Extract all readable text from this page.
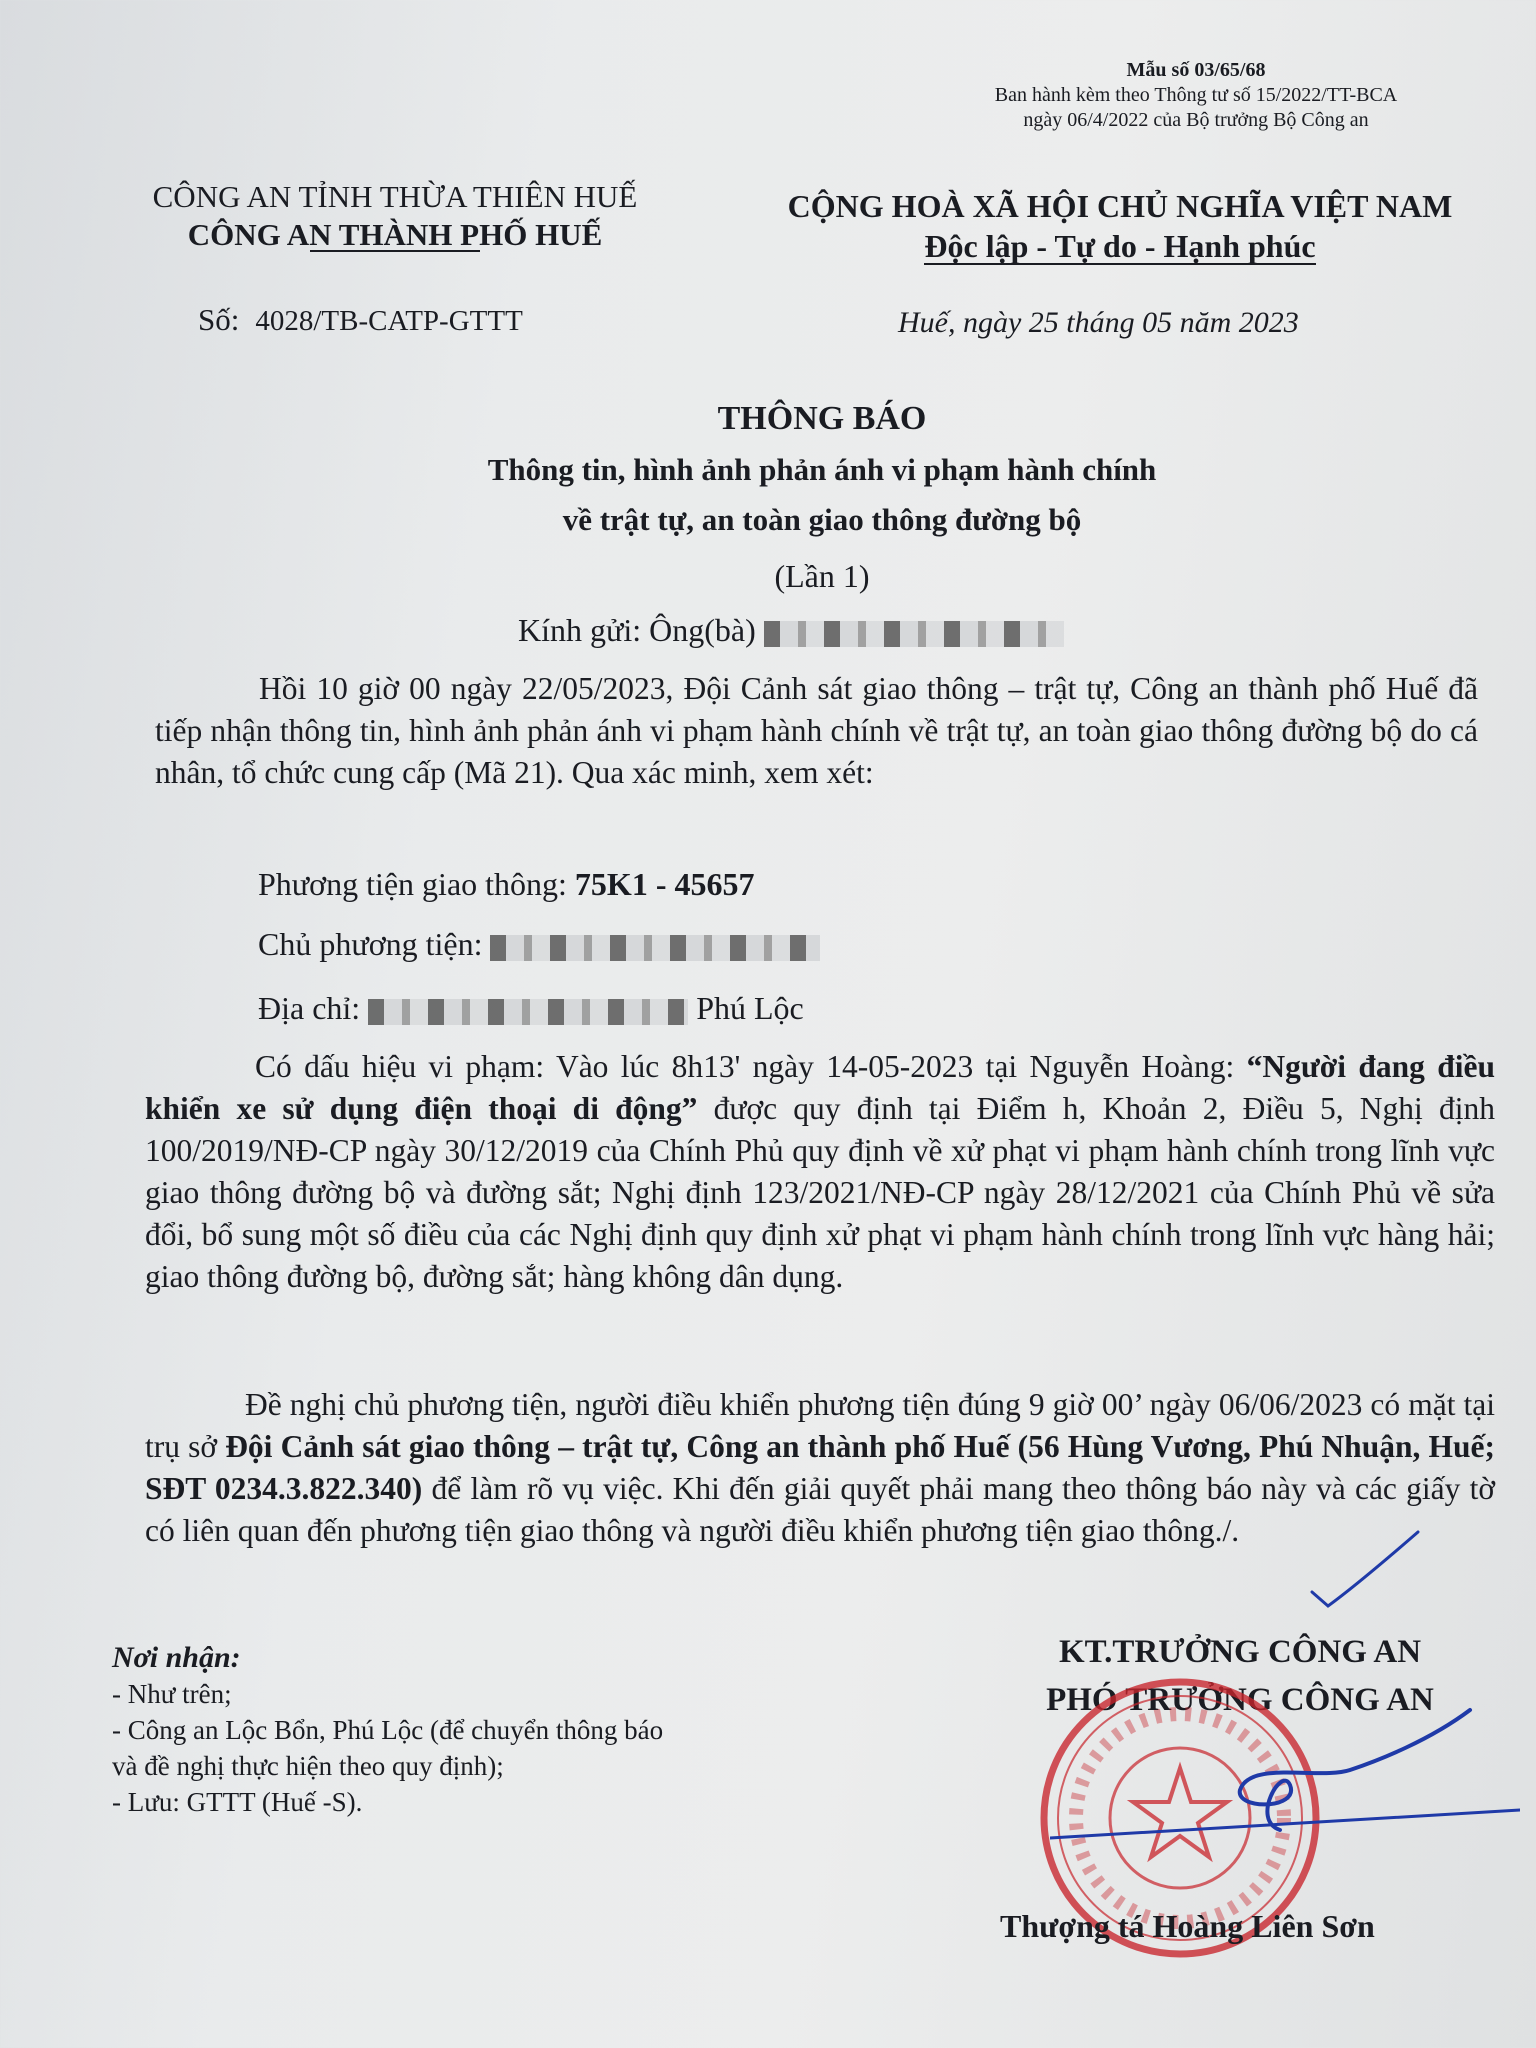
Mẫu số 03/65/68
Ban hành kèm theo Thông tư số 15/2022/TT-BCA
ngày 06/4/2022 của Bộ trưởng Bộ Công an
CÔNG AN TỈNH THỪA THIÊN HUẾ
CÔNG AN THÀNH PHỐ HUẾ
CỘNG HOÀ XÃ HỘI CHỦ NGHĨA VIỆT NAM
Độc lập - Tự do - Hạnh phúc
Số: 4028/TB-CATP-GTTT	Huế, ngày 25 tháng 05 năm 2023
THÔNG BÁO
Thông tin, hình ảnh phản ánh vi phạm hành chính
về trật tự, an toàn giao thông đường bộ
(Lần 1)
Kính gửi: Ông(bà)

Hồi 10 giờ 00 ngày 22/05/2023, Đội Cảnh sát giao thông – trật tự, Công an thành phố Huế đã tiếp nhận thông tin, hình ảnh phản ánh vi phạm hành chính về trật tự, an toàn giao thông đường bộ do cá nhân, tổ chức cung cấp (Mã 21). Qua xác minh, xem xét:

Phương tiện giao thông: 75K1 - 45657
Chủ phương tiện:
Địa chỉ:	Phú Lộc

Có dấu hiệu vi phạm: Vào lúc 8h13' ngày 14-05-2023 tại Nguyễn Hoàng: “Người đang điều khiển xe sử dụng điện thoại di động” được quy định tại Điểm h, Khoản 2, Điều 5, Nghị định 100/2019/NĐ-CP ngày 30/12/2019 của Chính Phủ quy định về xử phạt vi phạm hành chính trong lĩnh vực giao thông đường bộ và đường sắt; Nghị định 123/2021/NĐ-CP ngày 28/12/2021 của Chính Phủ về sửa đổi, bổ sung một số điều của các Nghị định quy định xử phạt vi phạm hành chính trong lĩnh vực hàng hải; giao thông đường bộ, đường sắt; hàng không dân dụng.

Đề nghị chủ phương tiện, người điều khiển phương tiện đúng 9 giờ 00’ ngày 06/06/2023 có mặt tại trụ sở Đội Cảnh sát giao thông – trật tự, Công an thành phố Huế (56 Hùng Vương, Phú Nhuận, Huế; SĐT 0234.3.822.340) để làm rõ vụ việc. Khi đến giải quyết phải mang theo thông báo này và các giấy tờ có liên quan đến phương tiện giao thông và người điều khiển phương tiện giao thông./.

Nơi nhận:
- Như trên;
- Công an Lộc Bổn, Phú Lộc (để chuyển thông báo
và đề nghị thực hiện theo quy định);
- Lưu: GTTT (Huế -S).
KT.TRƯỞNG CÔNG AN
PHÓ TRƯỞNG CÔNG AN
Thượng tá Hoàng Liên Sơn
